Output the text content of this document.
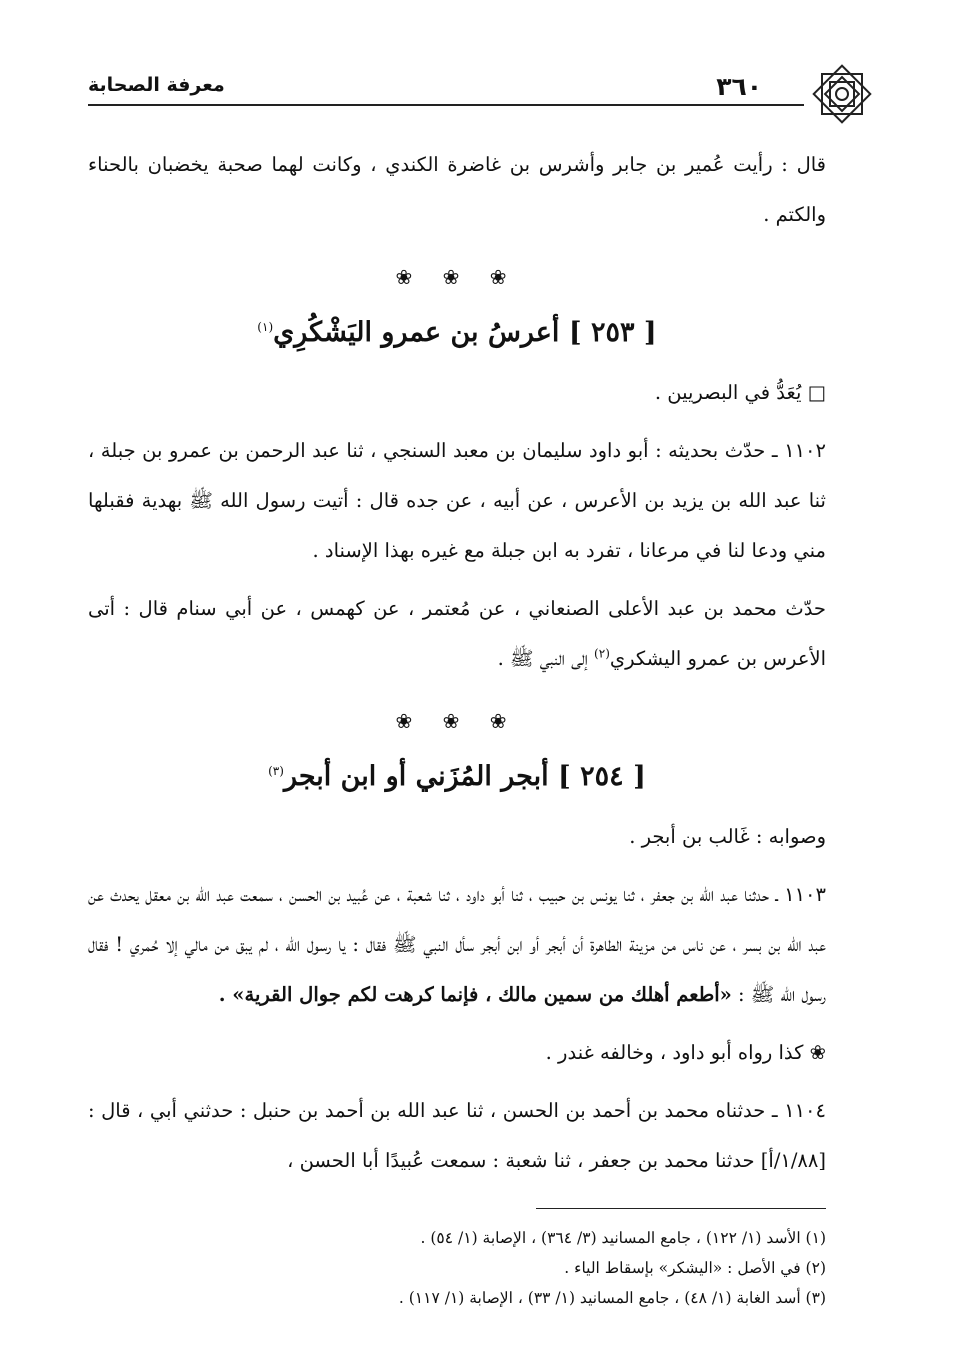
٣٦٠
معرفة الصحابة

قال : رأيت عُمير بن جابر وأشرس بن غاضرة الكندي ، وكانت لهما صحبة يخضبان بالحناء والكتم .

❀ ❀ ❀

[ ٢٥٣ ] أعرسُ بن عمرو اليَشْكُرِي$^{(١)}$

□ يُعَدُّ في البصريين .

١١٠٢ ـ حدّث بحديثه : أبو داود سليمان بن معبد السنجي ، ثنا عبد الرحمن بن عمرو بن جبلة ، ثنا عبد الله بن يزيد بن الأعرس ، عن أبيه ، عن جده قال : أتيت رسول الله ﷺ بهدية فقبلها مني ودعا لنا في مرعانا ، تفرد به ابن جبلة مع غيره بهذا الإسناد .

حدّث محمد بن عبد الأعلى الصنعاني ، عن مُعتمر ، عن كهمس ، عن أبي سنام قال : أتى الأعرس بن عمرو اليشكري$^{(٢)}$ إلى النبي ﷺ .

❀ ❀ ❀

[ ٢٥٤ ] أبجر المُزَني أو ابن أبجر$^{(٣)}$

وصوابه : غَالب بن أبجر .

١١٠٣ ـ حدثنا عبد الله بن جعفر ، ثنا يونس بن حبيب ، ثنا أبو داود ، ثنا شعبة ، عن عُبيد بن الحسن ، سمعت عبد الله بن معقل يحدث عن عبد الله بن بسر ، عن ناس من مزينة الطاهرة أن أبجر أو ابن أبجر سأل النبي ﷺ فقال : يا رسول الله ، لم يبق من مالي إلا حُمري ! فقال رسول الله ﷺ : «أطعم أهلك من سمين مالك ، فإنما كرهت لكم جوال القرية» .

❀ كذا رواه أبو داود ، وخالفه غندر .

١١٠٤ ـ حدثناه محمد بن أحمد بن الحسن ، ثنا عبد الله بن أحمد بن حنبل : حدثني أبي ، قال : [١/٨٨/أ] حدثنا محمد بن جعفر ، ثنا شعبة : سمعت عُبيدًا أبا الحسن ،

(١) الأسد (١/ ١٢٢) ، جامع المسانيد (٣/ ٣٦٤) ، الإصابة (١/ ٥٤) .

(٢) في الأصل : «اليشكر» بإسقاط الياء .

(٣) أسد الغابة (١/ ٤٨) ، جامع المسانيد (١/ ٣٣) ، الإصابة (١/ ١١٧) .
